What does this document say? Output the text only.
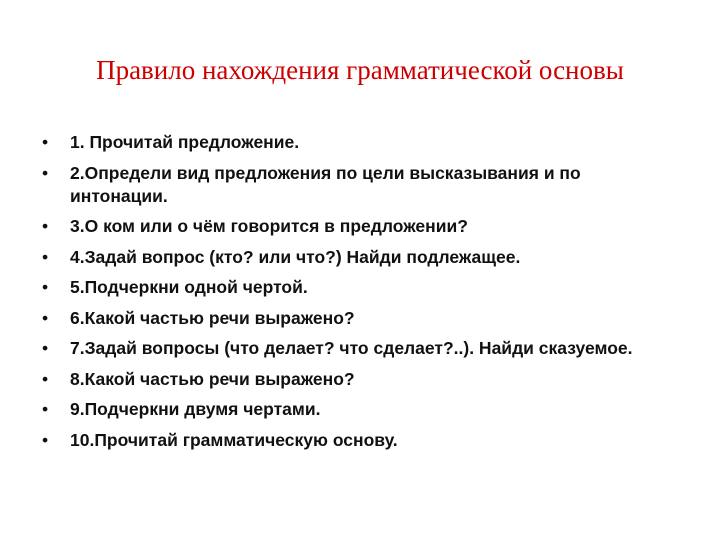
Правило нахождения грамматической основы
• 1. Прочитай предложение.
• 2.Определи вид предложения по цели высказывания и по интонации.
• 3.О ком или о чём говорится в предложении?
• 4.Задай вопрос (кто? или что?) Найди подлежащее.
• 5.Подчеркни одной чертой.
• 6.Какой частью речи выражено?
• 7.Задай вопросы (что делает? что сделает?..). Найди сказуемое.
• 8.Какой частью речи выражено?
• 9.Подчеркни двумя чертами.
• 10.Прочитай грамматическую основу.
